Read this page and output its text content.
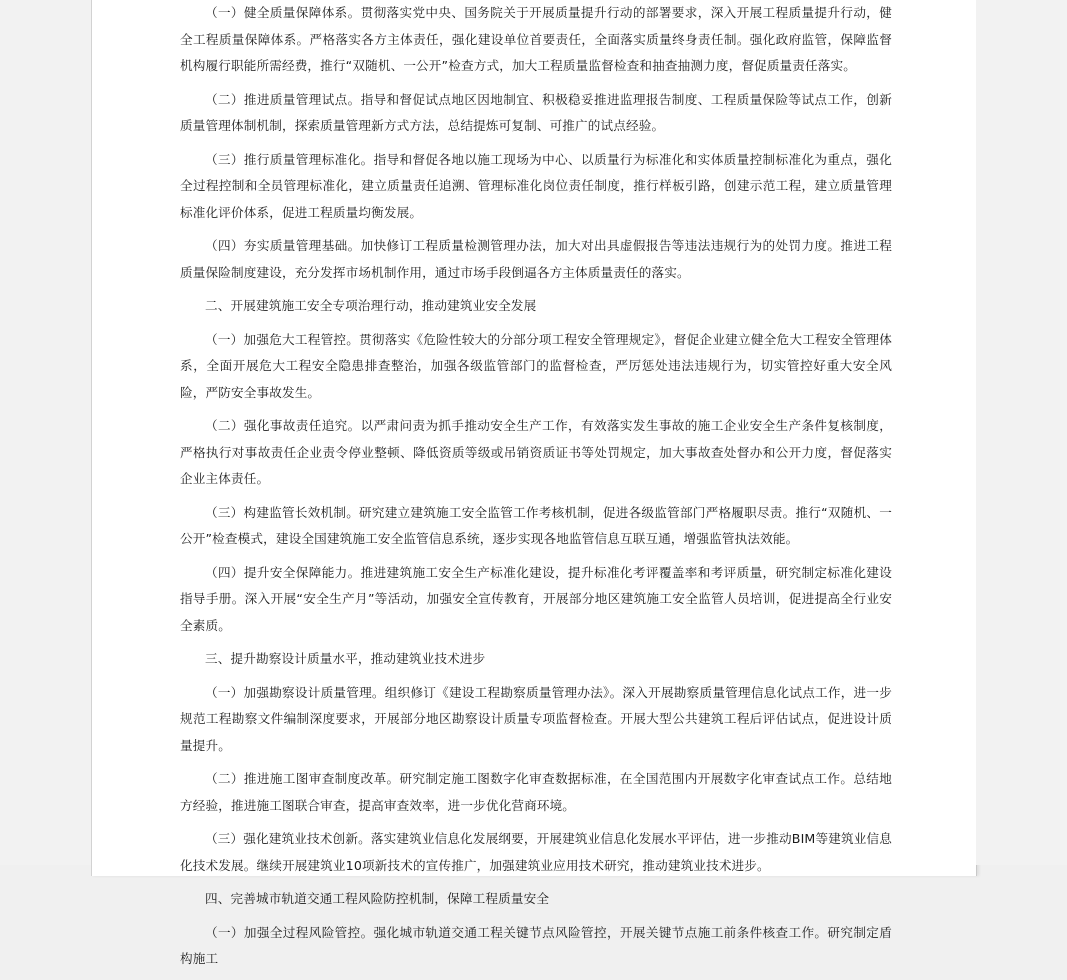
（一）健全质量保障体系。贯彻落实党中央、国务院关于开展质量提升行动的部署要求，深入开展工程质量提升行动，健全工程质量保障体系。严格落实各方主体责任，强化建设单位首要责任，全面落实质量终身责任制。强化政府监管，保障监督机构履行职能所需经费，推行“双随机、一公开”检查方式，加大工程质量监督检查和抽查抽测力度，督促质量责任落实。

（二）推进质量管理试点。指导和督促试点地区因地制宜、积极稳妥推进监理报告制度、工程质量保险等试点工作，创新质量管理体制机制，探索质量管理新方式方法，总结提炼可复制、可推广的试点经验。

（三）推行质量管理标准化。指导和督促各地以施工现场为中心、以质量行为标准化和实体质量控制标准化为重点，强化全过程控制和全员管理标准化，建立质量责任追溯、管理标准化岗位责任制度，推行样板引路，创建示范工程，建立质量管理标准化评价体系，促进工程质量均衡发展。

（四）夯实质量管理基础。加快修订工程质量检测管理办法，加大对出具虚假报告等违法违规行为的处罚力度。推进工程质量保险制度建设，充分发挥市场机制作用，通过市场手段倒逼各方主体质量责任的落实。

二、开展建筑施工安全专项治理行动，推动建筑业安全发展

（一）加强危大工程管控。贯彻落实《危险性较大的分部分项工程安全管理规定》，督促企业建立健全危大工程安全管理体系，全面开展危大工程安全隐患排查整治，加强各级监管部门的监督检查，严厉惩处违法违规行为，切实管控好重大安全风险，严防安全事故发生。

（二）强化事故责任追究。以严肃问责为抓手推动安全生产工作，有效落实发生事故的施工企业安全生产条件复核制度，严格执行对事故责任企业责令停业整顿、降低资质等级或吊销资质证书等处罚规定，加大事故查处督办和公开力度，督促落实企业主体责任。

（三）构建监管长效机制。研究建立建筑施工安全监管工作考核机制，促进各级监管部门严格履职尽责。推行“双随机、一公开”检查模式，建设全国建筑施工安全监管信息系统，逐步实现各地监管信息互联互通，增强监管执法效能。

（四）提升安全保障能力。推进建筑施工安全生产标准化建设，提升标准化考评覆盖率和考评质量，研究制定标准化建设指导手册。深入开展“安全生产月”等活动，加强安全宣传教育，开展部分地区建筑施工安全监管人员培训，促进提高全行业安全素质。

三、提升勘察设计质量水平，推动建筑业技术进步

（一）加强勘察设计质量管理。组织修订《建设工程勘察质量管理办法》。深入开展勘察质量管理信息化试点工作，进一步规范工程勘察文件编制深度要求，开展部分地区勘察设计质量专项监督检查。开展大型公共建筑工程后评估试点，促进设计质量提升。

（二）推进施工图审查制度改革。研究制定施工图数字化审查数据标准，在全国范围内开展数字化审查试点工作。总结地方经验，推进施工图联合审查，提高审查效率，进一步优化营商环境。

（三）强化建筑业技术创新。落实建筑业信息化发展纲要，开展建筑业信息化发展水平评估，进一步推动BIM等建筑业信息化技术发展。继续开展建筑业10项新技术的宣传推广，加强建筑业应用技术研究，推动建筑业技术进步。

四、完善城市轨道交通工程风险防控机制，保障工程质量安全

（一）加强全过程风险管控。强化城市轨道交通工程关键节点风险管控，开展关键节点施工前条件核查工作。研究制定盾构施工
